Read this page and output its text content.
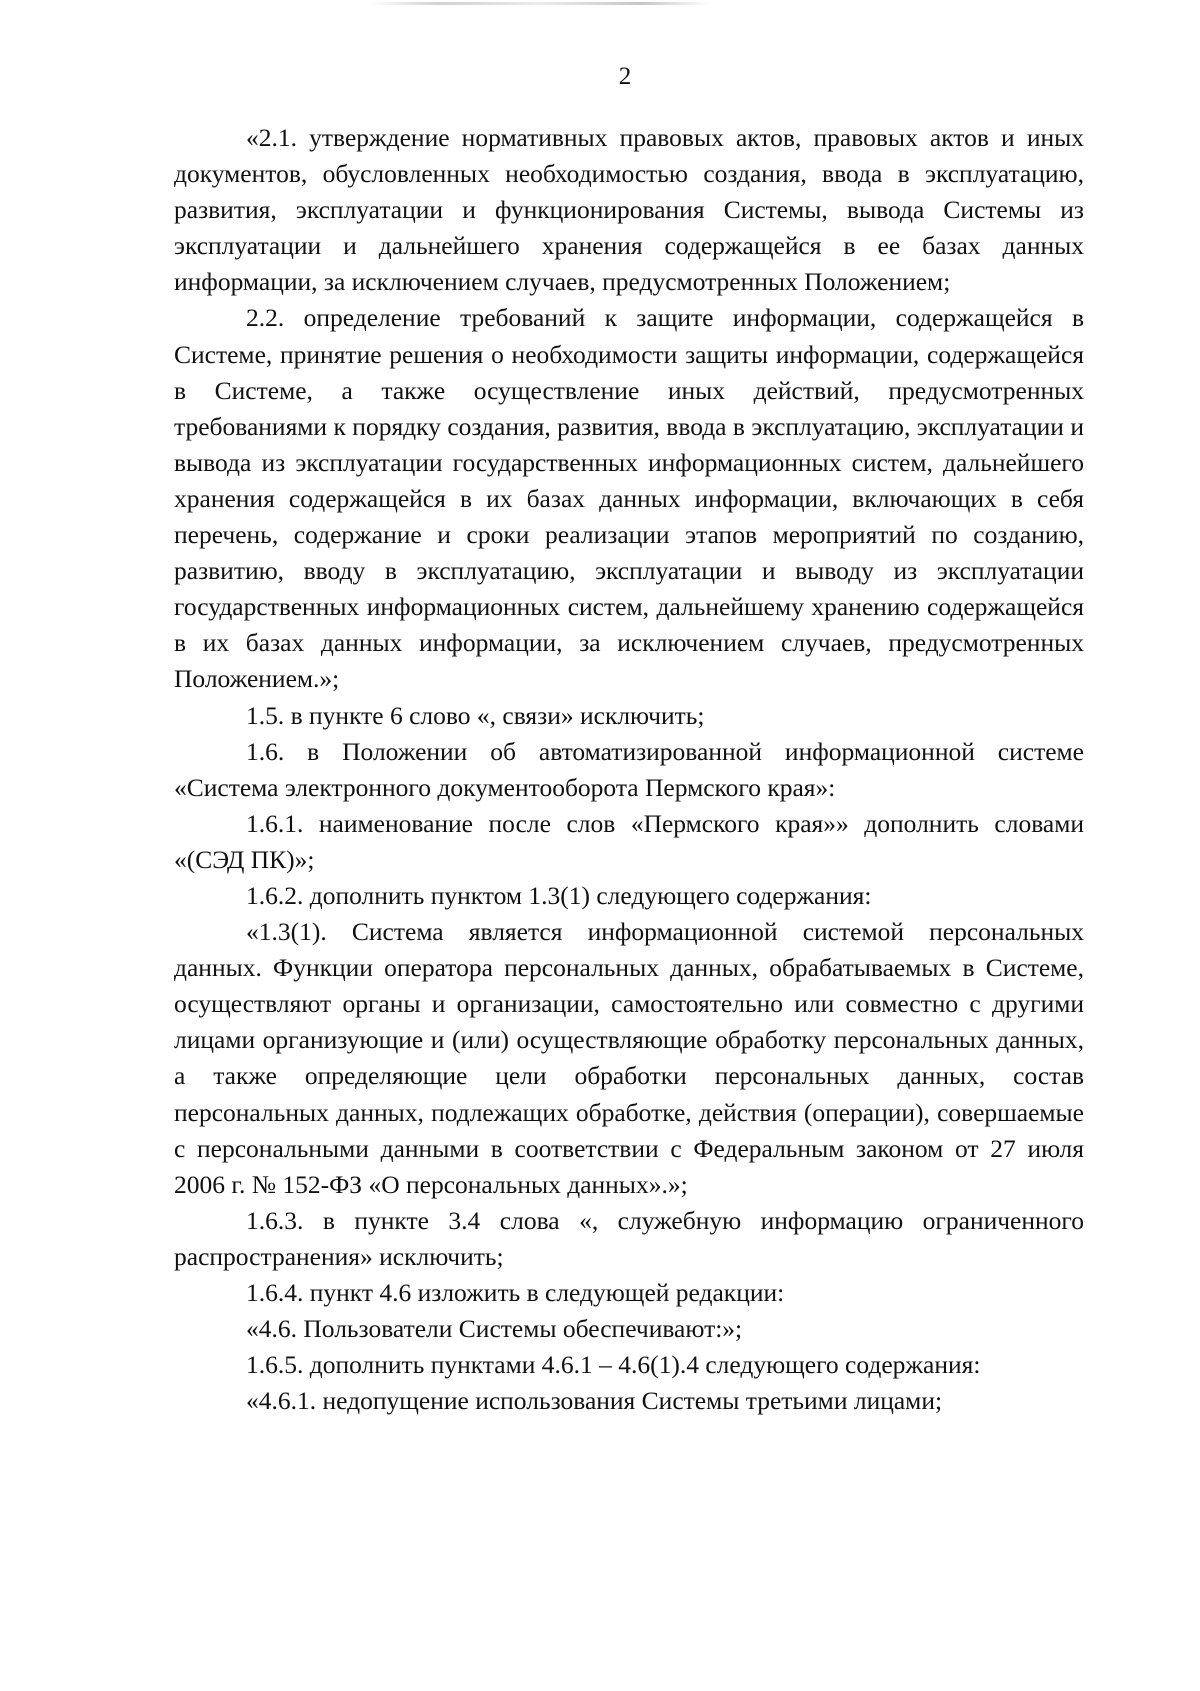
2

«2.1. утверждение нормативных правовых актов, правовых актов и иных документов, обусловленных необходимостью создания, ввода в эксплуатацию, развития, эксплуатации и функционирования Системы, вывода Системы из эксплуатации и дальнейшего хранения содержащейся в ее базах данных информации, за исключением случаев, предусмотренных Положением;

2.2. определение требований к защите информации, содержащейся в Системе, принятие решения о необходимости защиты информации, содержащейся в Системе, а также осуществление иных действий, предусмотренных требованиями к порядку создания, развития, ввода в эксплуатацию, эксплуатации и вывода из эксплуатации государственных информационных систем, дальнейшего хранения содержащейся в их базах данных информации, включающих в себя перечень, содержание и сроки реализации этапов мероприятий по созданию, развитию, вводу в эксплуатацию, эксплуатации и выводу из эксплуатации государственных информационных систем, дальнейшему хранению содержащейся в их базах данных информации, за исключением случаев, предусмотренных Положением.»;

1.5. в пункте 6 слово «, связи» исключить;

1.6. в Положении об автоматизированной информационной системе «Система электронного документооборота Пермского края»:

1.6.1. наименование после слов «Пермского края»» дополнить словами «(СЭД ПК)»;

1.6.2. дополнить пунктом 1.3(1) следующего содержания:

«1.3(1). Система является информационной системой персональных данных. Функции оператора персональных данных, обрабатываемых в Системе, осуществляют органы и организации, самостоятельно или совместно с другими лицами организующие и (или) осуществляющие обработку персональных данных, а также определяющие цели обработки персональных данных, состав персональных данных, подлежащих обработке, действия (операции), совершаемые с персональными данными в соответствии с Федеральным законом от 27 июля 2006 г. № 152-ФЗ «О персональных данных».»;

1.6.3. в пункте 3.4 слова «, служебную информацию ограниченного распространения» исключить;

1.6.4. пункт 4.6 изложить в следующей редакции:

«4.6. Пользователи Системы обеспечивают:»;

1.6.5. дополнить пунктами 4.6.1 – 4.6(1).4 следующего содержания:

«4.6.1. недопущение использования Системы третьими лицами;
